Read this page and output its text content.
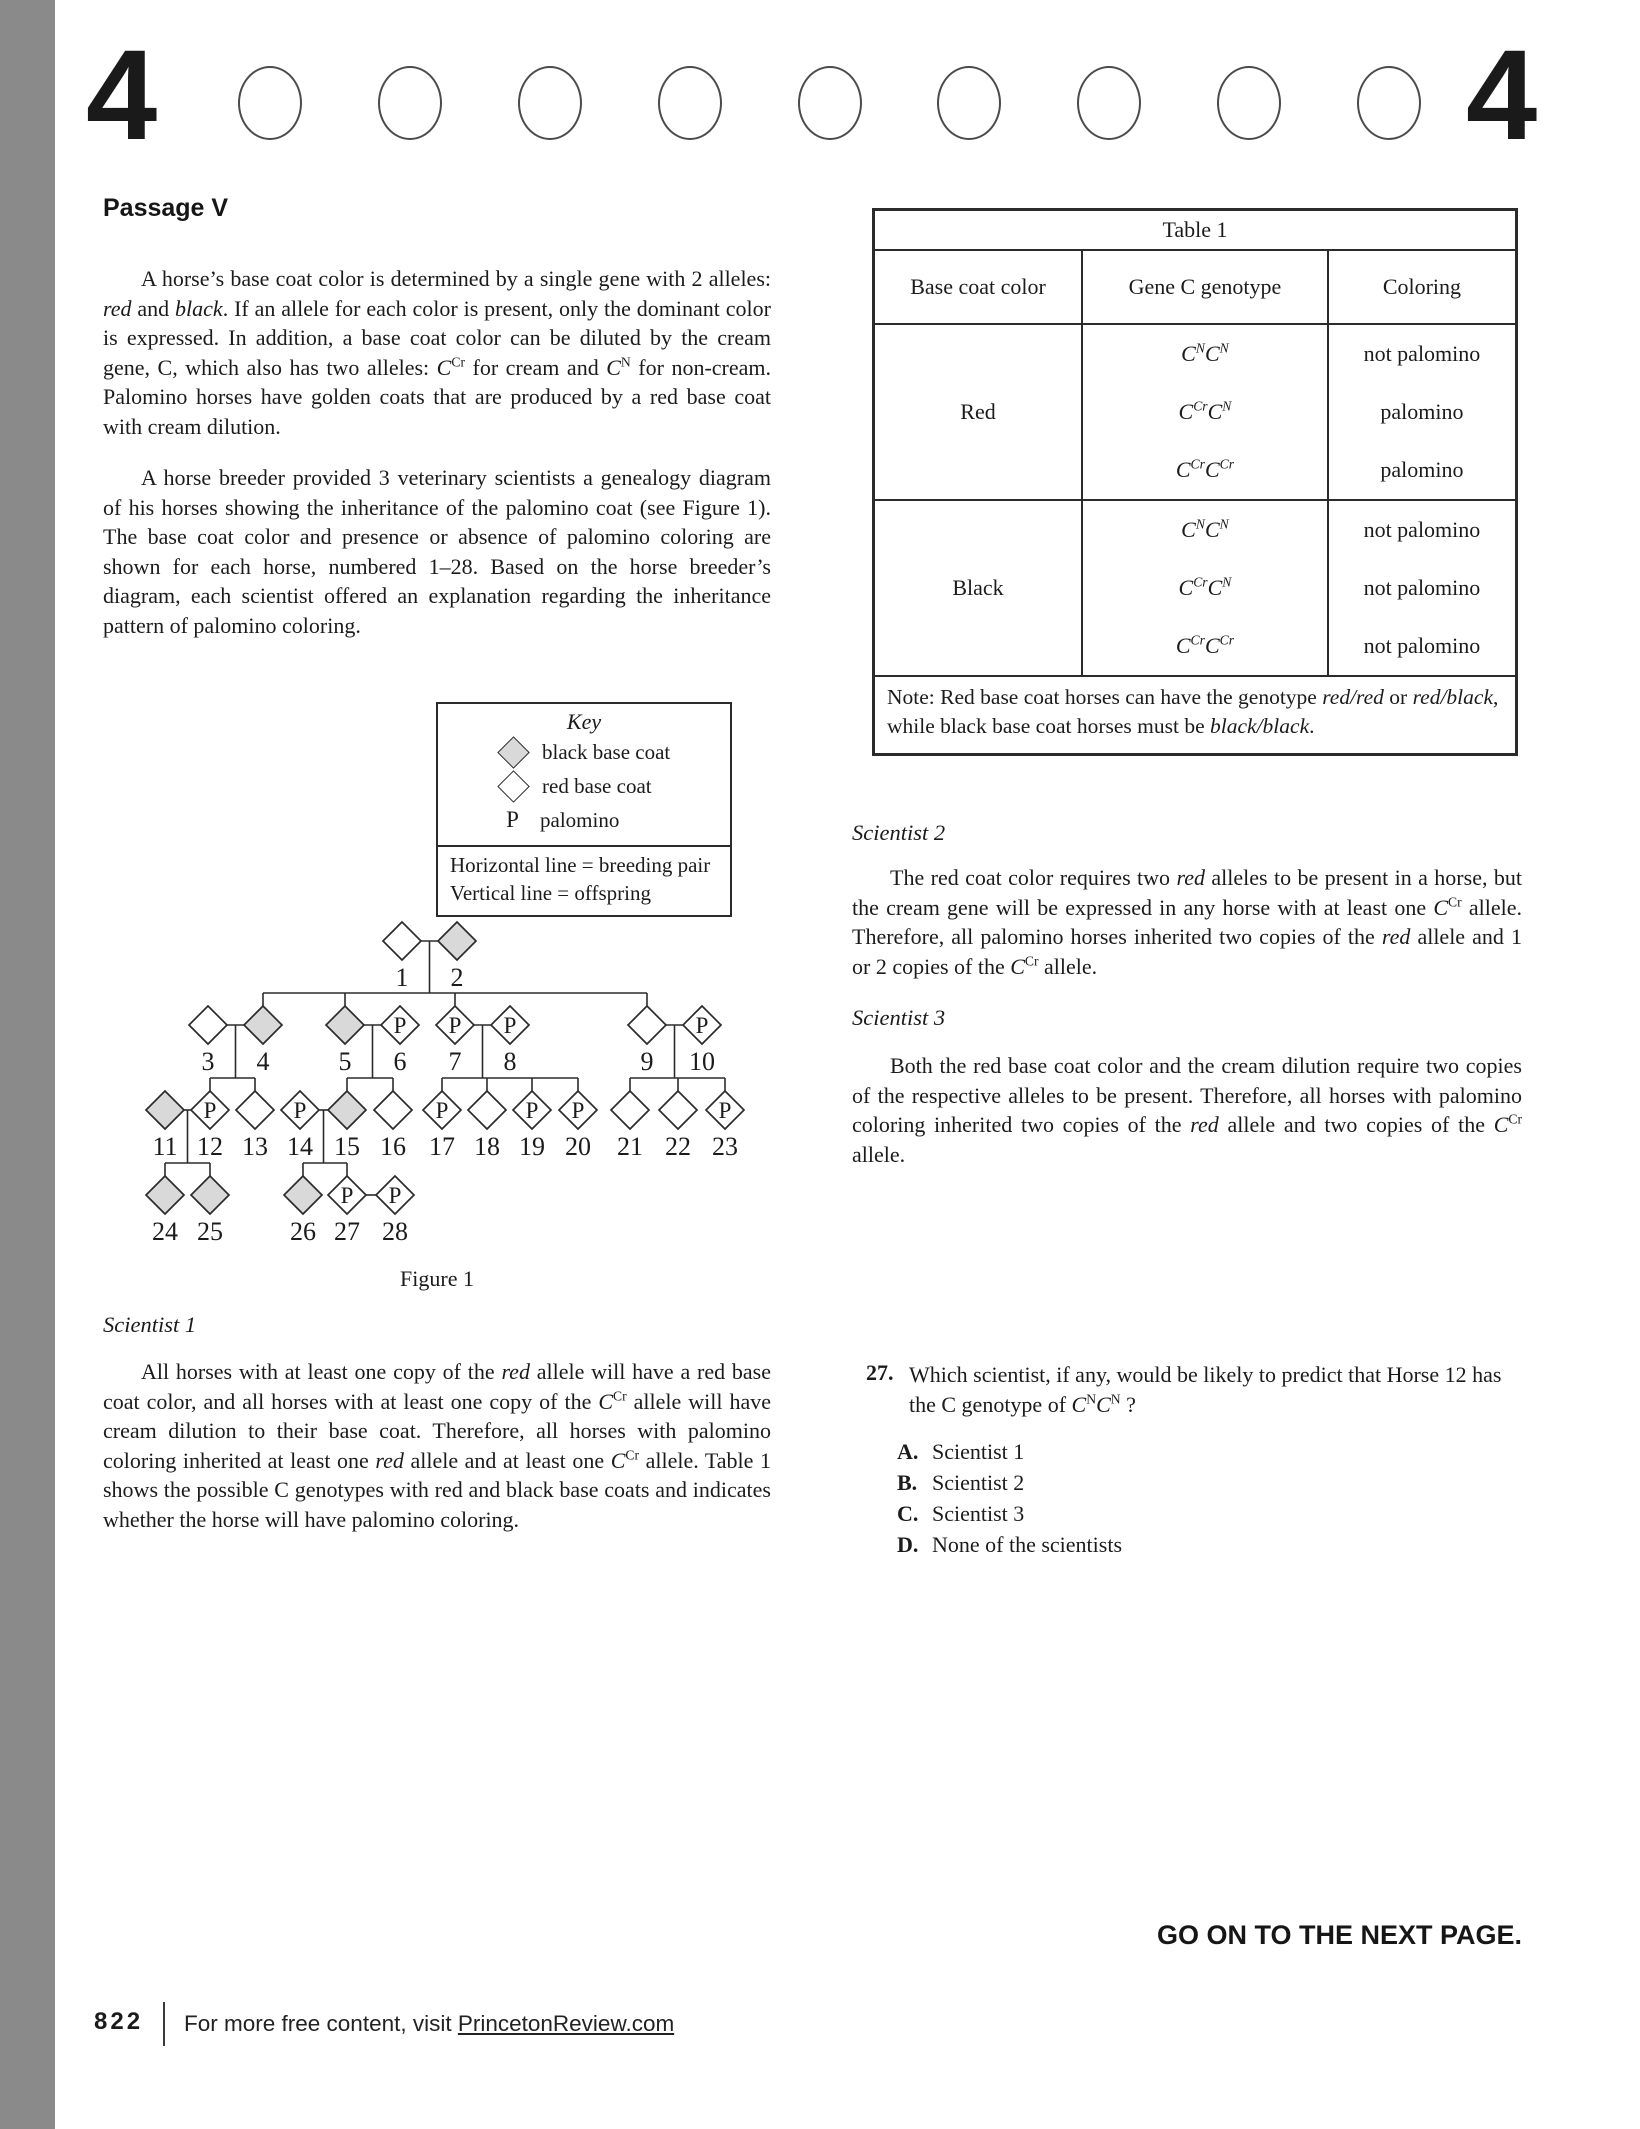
4	4
Passage V
A horse’s base coat color is determined by a single gene with 2 alleles: red and black. If an allele for each color is present, only the dominant color is expressed. In addition, a base coat color can be diluted by the cream gene, C, which also has two alleles: $C^{Cr}$ for cream and $C^N$ for non-cream. Palomino horses have golden coats that are produced by a red base coat with cream dilution.
A horse breeder provided 3 veterinary scientists a genealogy diagram of his horses showing the inheritance of the palomino coat (see Figure 1). The base coat color and presence or absence of palomino coloring are shown for each horse, numbered 1–28. Based on the horse breeder’s diagram, each scientist offered an explanation regarding the inheritance pattern of palomino coloring.
Key
black base coat
red base coat
P palomino
Horizontal line = breeding pair
Vertical line = offspring
1 2
3 4	5
P
6
P
7
P
8	9
P
10
11
P
12 13
P
14 15 16
P
17 18
P
19
P
20 21 22
P
23
24 25	26
P
27
P
28
Figure 1
Scientist 1
All horses with at least one copy of the red allele will have a red base coat color, and all horses with at least one copy of the $C^{Cr}$ allele will have cream dilution to their base coat. Therefore, all horses with palomino coloring inherited at least one red allele and at least one $C^{Cr}$ allele. Table 1 shows the possible C genotypes with red and black base coats and indicates whether the horse will have palomino coloring.
Table 1		
Base coat color	Gene C genotype	Coloring
Red	$C^NC^N$	not palomino
	$C^{Cr}C^N$	palomino
	$C^{Cr}C^{Cr}$	palomino
Black	$C^NC^N$	not palomino
	$C^{Cr}C^N$	not palomino
	$C^{Cr}C^{Cr}$	not palomino
Note: Red base coat horses can have the genotype red/red or red/black, while black base coat horses must be black/black.		
Scientist 2
The red coat color requires two red alleles to be present in a horse, but the cream gene will be expressed in any horse with at least one $C^{Cr}$ allele. Therefore, all palomino horses inherited two copies of the red allele and 1 or 2 copies of the $C^{Cr}$ allele.
Scientist 3
Both the red base coat color and the cream dilution require two copies of the respective alleles to be present. Therefore, all horses with palomino coloring inherited two copies of the red allele and two copies of the $C^{Cr}$ allele.
27. Which scientist, if any, would be likely to predict that Horse 12 has the C genotype of $C^NC^N$ ?
A. Scientist 1
B. Scientist 2
C. Scientist 3
D. None of the scientists
GO ON TO THE NEXT PAGE.
822 For more free content, visit PrincetonReview.com
